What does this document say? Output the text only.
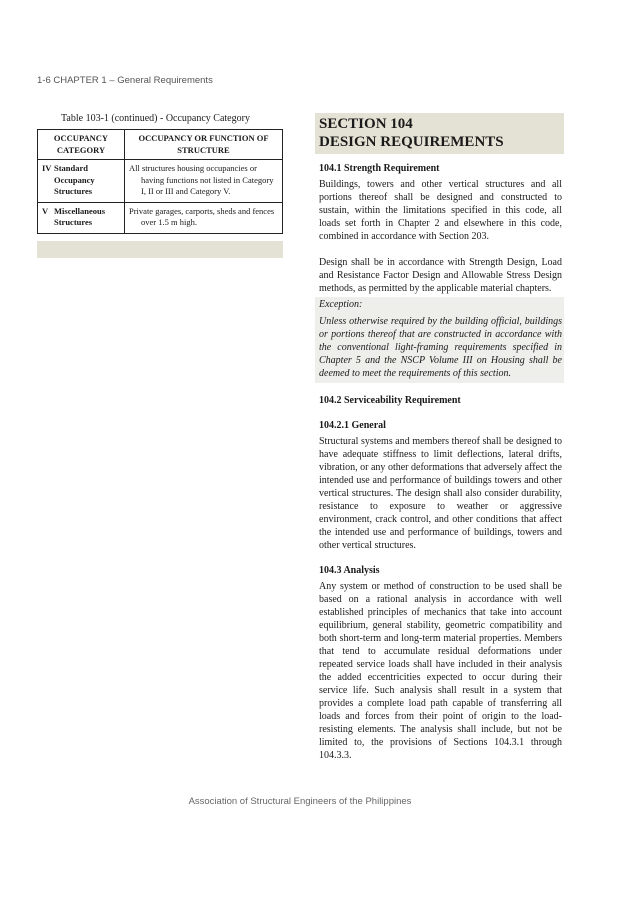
1-6 CHAPTER 1 – General Requirements
Table 103-1 (continued) - Occupancy Category
OCCUPANCY CATEGORY	OCCUPANCY OR FUNCTION OF STRUCTURE

IV Standard Occupancy Structures	All structures housing occupancies or having functions not listed in Category I, II or III and Category V.

V Miscellaneous Structures	Private garages, carports, sheds and fences over 1.5 m high.
SECTION 104
DESIGN REQUIREMENTS
104.1 Strength Requirement

Buildings, towers and other vertical structures and all portions thereof shall be designed and constructed to sustain, within the limitations specified in this code, all loads set forth in Chapter 2 and elsewhere in this code, combined in accordance with Section 203.

Design shall be in accordance with Strength Design, Load and Resistance Factor Design and Allowable Stress Design methods, as permitted by the applicable material chapters.

Exception:

Unless otherwise required by the building official, buildings or portions thereof that are constructed in accordance with the conventional light-framing requirements specified in Chapter 5 and the NSCP Volume III on Housing shall be deemed to meet the requirements of this section.

104.2 Serviceability Requirement
104.2.1 General

Structural systems and members thereof shall be designed to have adequate stiffness to limit deflections, lateral drifts, vibration, or any other deformations that adversely affect the intended use and performance of buildings towers and other vertical structures. The design shall also consider durability, resistance to exposure to weather or aggressive environment, crack control, and other conditions that affect the intended use and performance of buildings, towers and other vertical structures.

104.3 Analysis

Any system or method of construction to be used shall be based on a rational analysis in accordance with well established principles of mechanics that take into account equilibrium, general stability, geometric compatibility and both short-term and long-term material properties. Members that tend to accumulate residual deformations under repeated service loads shall have included in their analysis the added eccentricities expected to occur during their service life. Such analysis shall result in a system that provides a complete load path capable of transferring all loads and forces from their point of origin to the load-resisting elements. The analysis shall include, but not be limited to, the provisions of Sections 104.3.1 through 104.3.3.

Association of Structural Engineers of the Philippines
